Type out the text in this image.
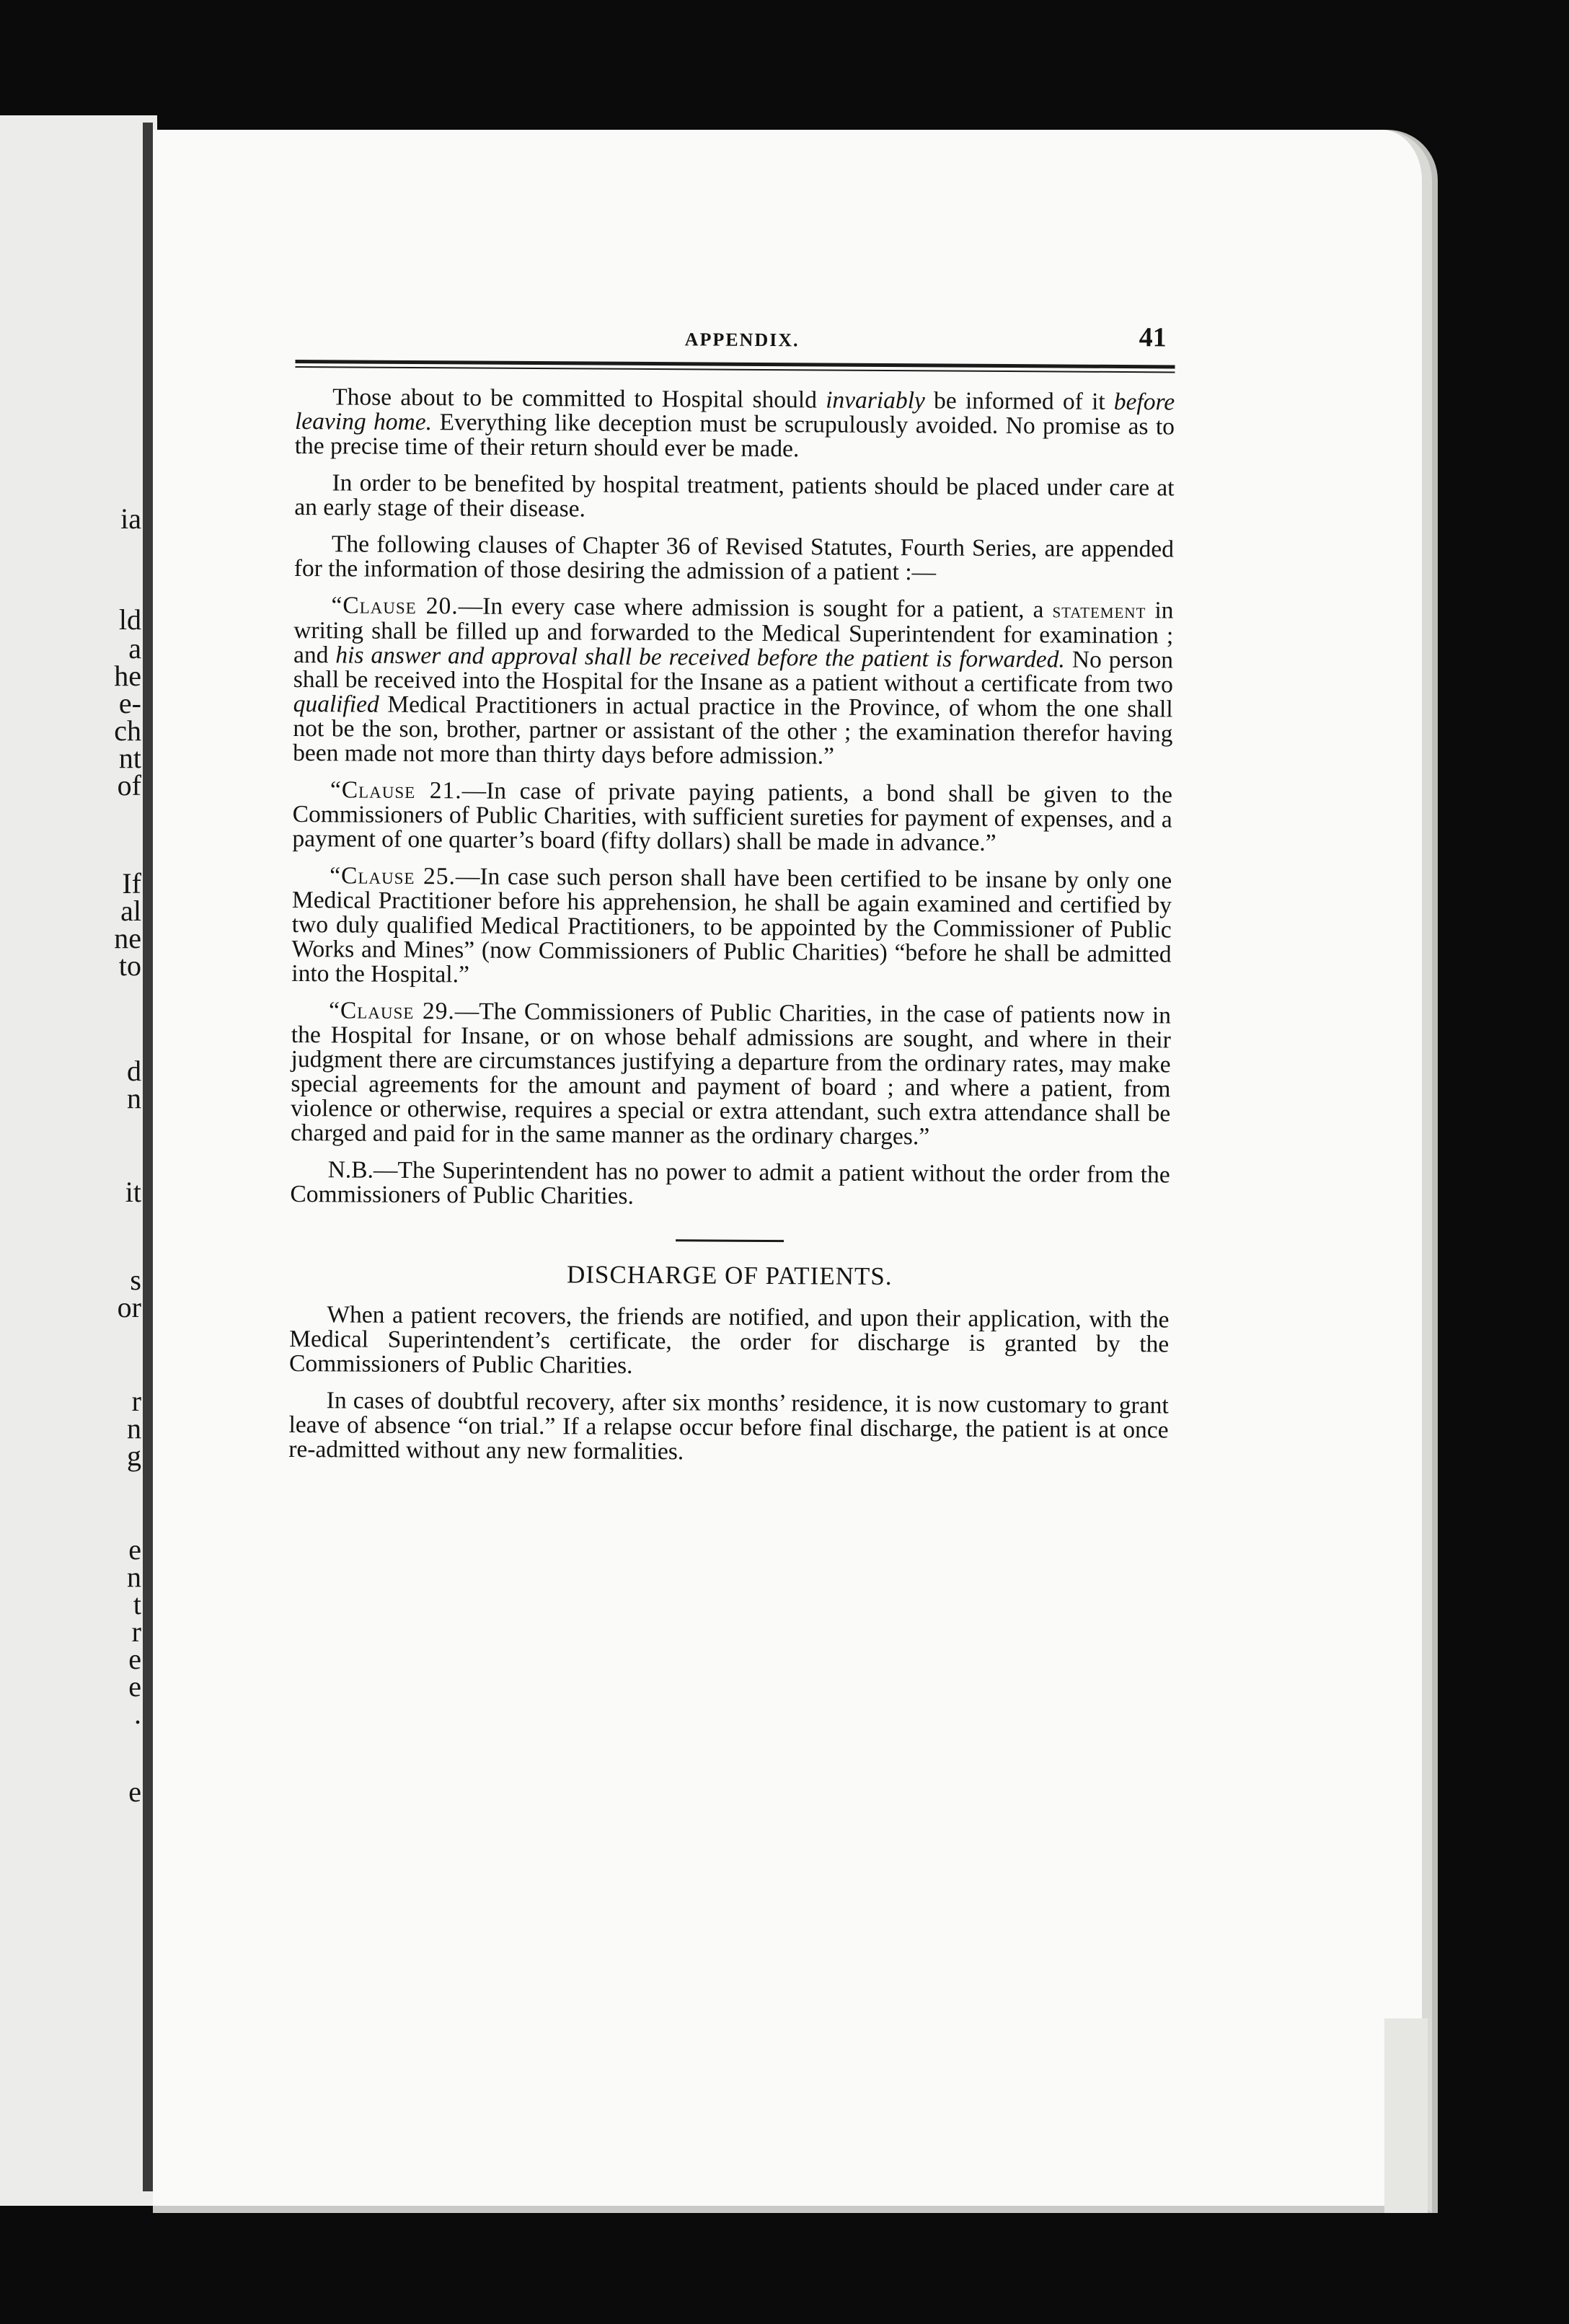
ia
ld
a
he
e-
ch
nt
of
If
al
ne
to
d
n
it
s
or
r
n
g
e
n
t
r
e
e
.
e
APPENDIX.	41

Those about to be committed to Hospital should invariably be informed of it before leaving home. Everything like deception must be scrupulously avoided. No promise as to the precise time of their return should ever be made.

In order to be benefited by hospital treatment, patients should be placed under care at an early stage of their disease.

The following clauses of Chapter 36 of Revised Statutes, Fourth Series, are appended for the information of those desiring the admission of a patient :—

“Clause 20.—In every case where admission is sought for a patient, a statement in writing shall be filled up and forwarded to the Medical Superintendent for examination ; and his answer and approval shall be received before the patient is forwarded. No person shall be received into the Hospital for the Insane as a patient without a certificate from two qualified Medical Practitioners in actual practice in the Province, of whom the one shall not be the son, brother, partner or assistant of the other ; the examination therefor having been made not more than thirty days before admission.”

“Clause 21.—In case of private paying patients, a bond shall be given to the Commissioners of Public Charities, with sufficient sureties for payment of expenses, and a payment of one quarter’s board (fifty dollars) shall be made in advance.”

“Clause 25.—In case such person shall have been certified to be insane by only one Medical Practitioner before his apprehension, he shall be again examined and certified by two duly qualified Medical Practitioners, to be appointed by the Commissioner of Public Works and Mines” (now Commissioners of Public Charities) “before he shall be admitted into the Hospital.”

“Clause 29.—The Commissioners of Public Charities, in the case of patients now in the Hospital for Insane, or on whose behalf admissions are sought, and where in their judgment there are circumstances justifying a departure from the ordinary rates, may make special agreements for the amount and payment of board ; and where a patient, from violence or otherwise, requires a special or extra attendant, such extra attendance shall be charged and paid for in the same manner as the ordinary charges.”

N.B.—The Superintendent has no power to admit a patient without the order from the Commissioners of Public Charities.

DISCHARGE OF PATIENTS.

When a patient recovers, the friends are notified, and upon their application, with the Medical Superintendent’s certificate, the order for discharge is granted by the Commissioners of Public Charities.

In cases of doubtful recovery, after six months’ residence, it is now customary to grant leave of absence “on trial.” If a relapse occur before final discharge, the patient is at once re-admitted without any new formalities.
